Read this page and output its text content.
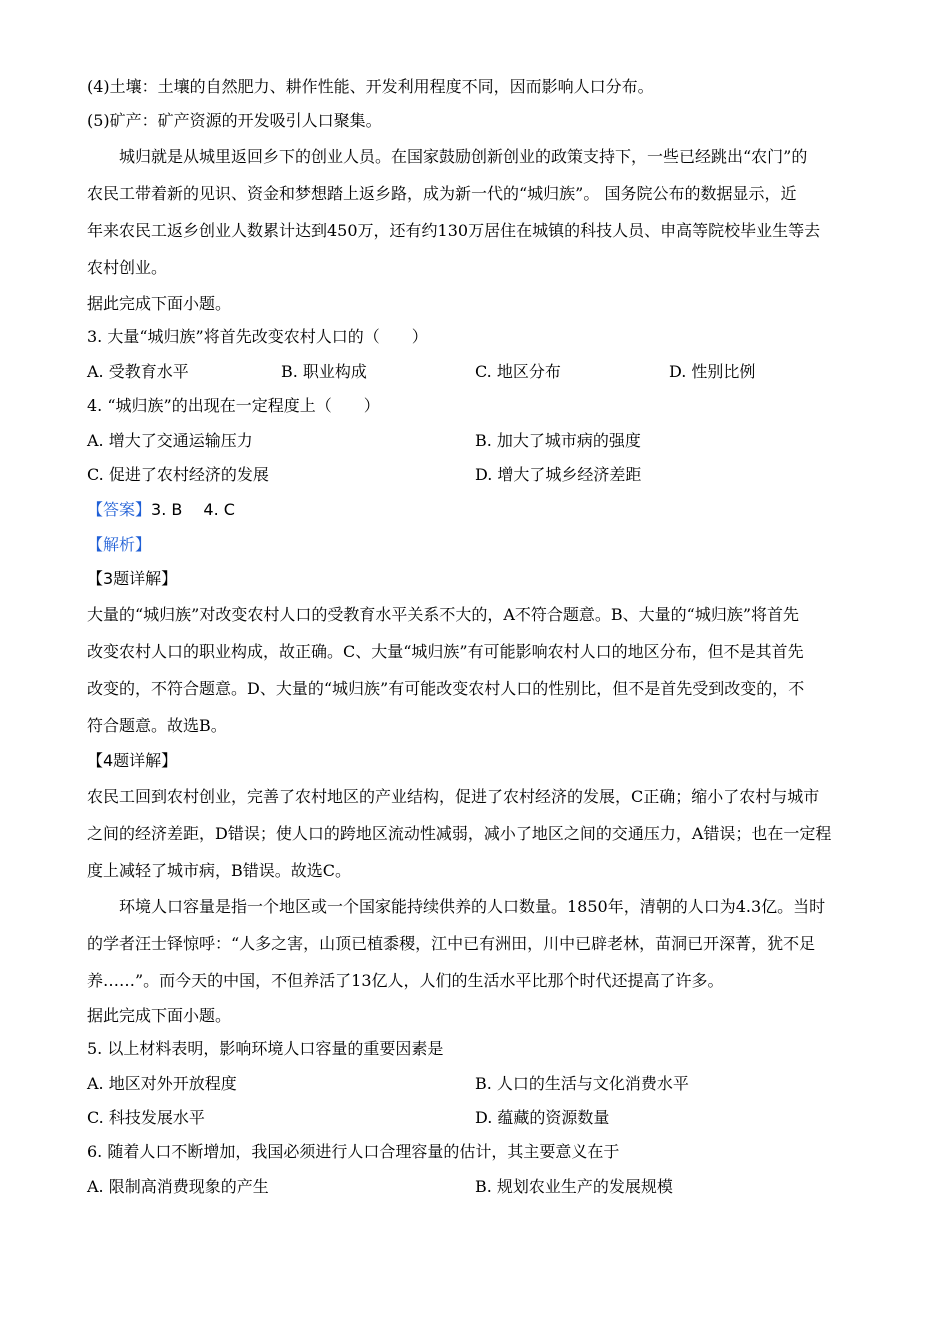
(4)土壤：土壤的自然肥力、耕作性能、开发利用程度不同，因而影响人口分布。
(5)矿产：矿产资源的开发吸引人口聚集。
城归就是从城里返回乡下的创业人员。在国家鼓励创新创业的政策支持下，一些已经跳出“农门”的
农民工带着新的见识、资金和梦想踏上返乡路，成为新一代的“城归族”。 国务院公布的数据显示，近
年来农民工返乡创业人数累计达到450万，还有约130万居住在城镇的科技人员、申高等院校毕业生等去
农村创业。
据此完成下面小题。
3. 大量“城归族”将首先改变农村人口的（　　）
A. 受教育水平	B. 职业构成	C. 地区分布	D. 性别比例
4. “城归族”的出现在一定程度上（　　）
A. 增大了交通运输压力	B. 加大了城市病的强度
C. 促进了农村经济的发展	D. 增大了城乡经济差距
【答案】3. B　 4. C
【解析】
【3题详解】
大量的“城归族”对改变农村人口的受教育水平关系不大的，A不符合题意。B、大量的“城归族”将首先
改变农村人口的职业构成，故正确。C、大量“城归族”有可能影响农村人口的地区分布，但不是其首先
改变的，不符合题意。D、大量的“城归族”有可能改变农村人口的性别比，但不是首先受到改变的，不
符合题意。故选B。
【4题详解】
农民工回到农村创业，完善了农村地区的产业结构，促进了农村经济的发展，C正确；缩小了农村与城市
之间的经济差距，D错误；使人口的跨地区流动性减弱，减小了地区之间的交通压力，A错误；也在一定程
度上减轻了城市病，B错误。故选C。
环境人口容量是指一个地区或一个国家能持续供养的人口数量。1850年，清朝的人口为4.3亿。当时
的学者汪士铎惊呼：“人多之害，山顶已植黍稷，江中已有洲田，川中已辟老林，苗洞已开深菁，犹不足
养……”。而今天的中国，不但养活了13亿人，人们的生活水平比那个时代还提高了许多。
据此完成下面小题。
5. 以上材料表明，影响环境人口容量的重要因素是
A. 地区对外开放程度	B. 人口的生活与文化消费水平
C. 科技发展水平	D. 蕴藏的资源数量
6. 随着人口不断增加，我国必须进行人口合理容量的估计，其主要意义在于
A. 限制高消费现象的产生	B. 规划农业生产的发展规模
